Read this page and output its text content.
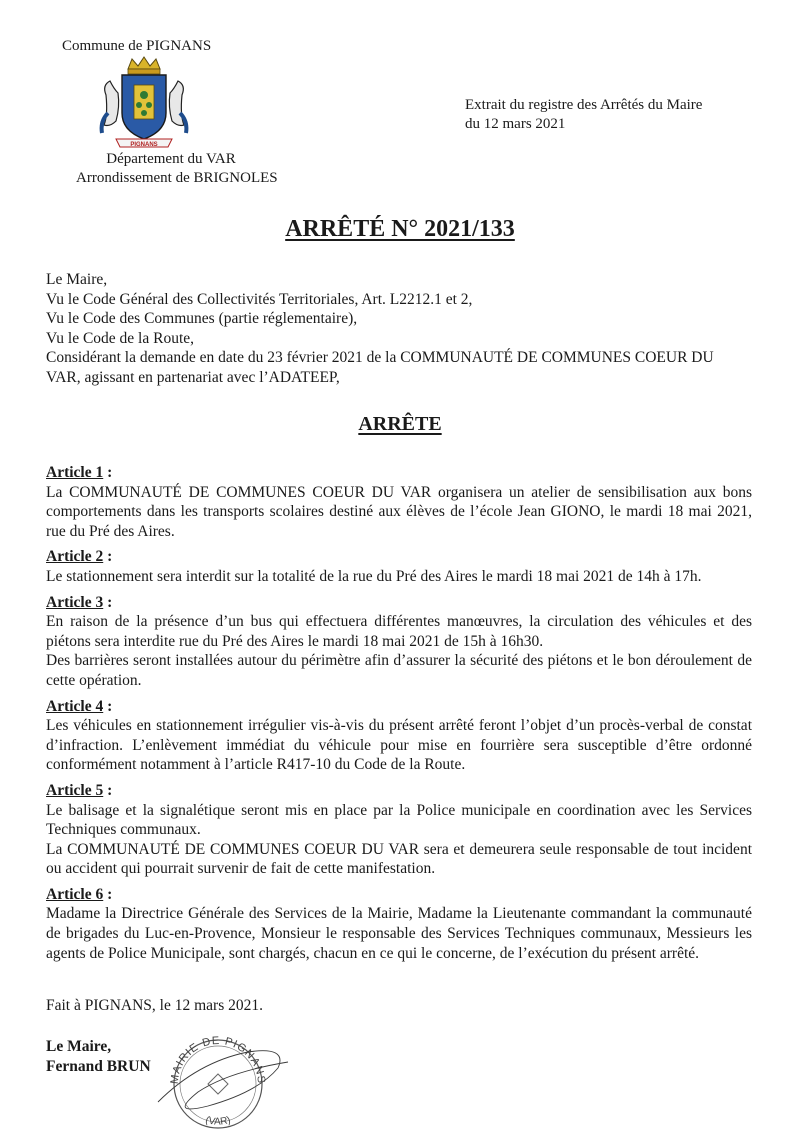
Commune de PIGNANS
PIGNANS
Département du VAR
Arrondissement de BRIGNOLES
Extrait du registre des Arrêtés du Maire
du 12 mars 2021
ARRÊTÉ N° 2021/133
Le Maire,
Vu le Code Général des Collectivités Territoriales, Art. L2212.1 et 2,
Vu le Code des Communes (partie réglementaire),
Vu le Code de la Route,
Considérant la demande en date du 23 février 2021 de la COMMUNAUTÉ DE COMMUNES COEUR DU
VAR, agissant en partenariat avec l’ADATEEP,
ARRÊTE
Article 1 :

La COMMUNAUTÉ DE COMMUNES COEUR DU VAR organisera un atelier de sensibilisation aux bons comportements dans les transports scolaires destiné aux élèves de l’école Jean GIONO, le mardi 18 mai 2021, rue du Pré des Aires.

Article 2 :

Le stationnement sera interdit sur la totalité de la rue du Pré des Aires le mardi 18 mai 2021 de 14h à 17h.

Article 3 :

En raison de la présence d’un bus qui effectuera différentes manœuvres, la circulation des véhicules et des piétons sera interdite rue du Pré des Aires le mardi 18 mai 2021 de 15h à 16h30.

Des barrières seront installées autour du périmètre afin d’assurer la sécurité des piétons et le bon déroulement de cette opération.

Article 4 :

Les véhicules en stationnement irrégulier vis-à-vis du présent arrêté feront l’objet d’un procès-verbal de constat d’infraction. L’enlèvement immédiat du véhicule pour mise en fourrière sera susceptible d’être ordonné conformément notamment à l’article R417-10 du Code de la Route.

Article 5 :

Le balisage et la signalétique seront mis en place par la Police municipale en coordination avec les Services Techniques communaux.

La COMMUNAUTÉ DE COMMUNES COEUR DU VAR sera et demeurera seule responsable de tout incident ou accident qui pourrait survenir de fait de cette manifestation.

Article 6 :

Madame la Directrice Générale des Services de la Mairie, Madame la Lieutenante commandant la communauté de brigades du Luc-en-Provence, Monsieur le responsable des Services Techniques communaux, Messieurs les agents de Police Municipale, sont chargés, chacun en ce qui le concerne, de l’exécution du présent arrêté.

Fait à PIGNANS, le 12 mars 2021.
MAIRIE DE PIGNANS
(VAR)
Le Maire,
Fernand BRUN
